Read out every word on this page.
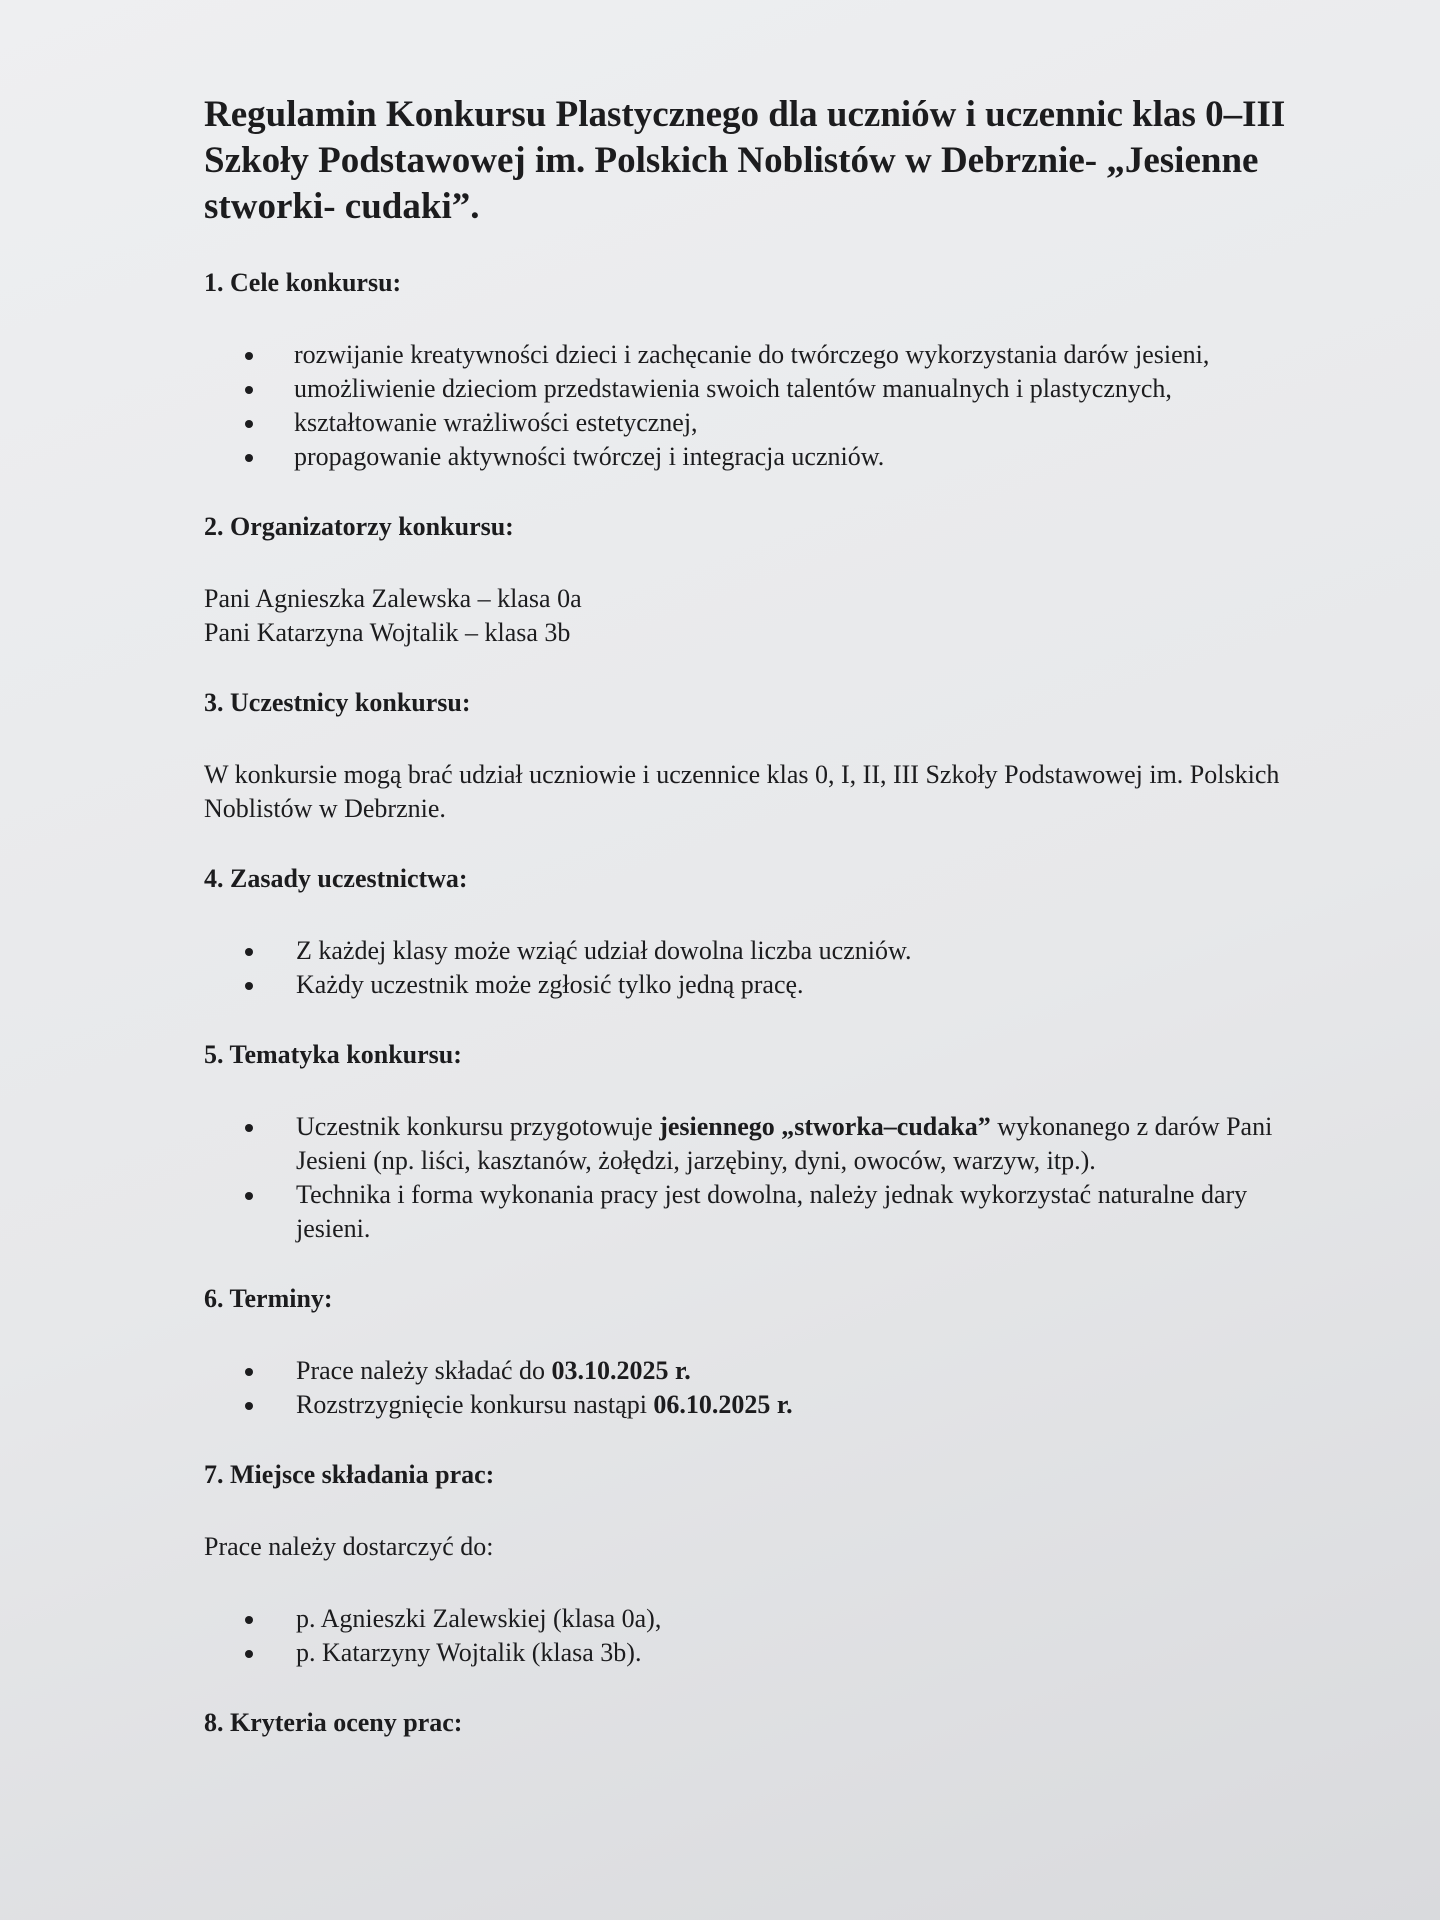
Regulamin Konkursu Plastycznego dla uczniów i uczennic klas 0–III Szkoły Podstawowej im. Polskich Noblistów w Debrznie- „Jesienne stworki- cudaki”.
1. Cele konkursu:
rozwijanie kreatywności dzieci i zachęcanie do twórczego wykorzystania darów jesieni,
umożliwienie dzieciom przedstawienia swoich talentów manualnych i plastycznych,
kształtowanie wrażliwości estetycznej,
propagowanie aktywności twórczej i integracja uczniów.
2. Organizatorzy konkursu:

Pani Agnieszka Zalewska – klasa 0a

Pani Katarzyna Wojtalik – klasa 3b

3. Uczestnicy konkursu:

W konkursie mogą brać udział uczniowie i uczennice klas 0, I, II, III Szkoły Podstawowej im. Polskich Noblistów w Debrznie.

4. Zasady uczestnictwa:
Z każdej klasy może wziąć udział dowolna liczba uczniów.
Każdy uczestnik może zgłosić tylko jedną pracę.
5. Tematyka konkursu:
Uczestnik konkursu przygotowuje jesiennego „stworka–cudaka” wykonanego z darów Pani Jesieni (np. liści, kasztanów, żołędzi, jarzębiny, dyni, owoców, warzyw, itp.).
Technika i forma wykonania pracy jest dowolna, należy jednak wykorzystać naturalne dary jesieni.
6. Terminy:
Prace należy składać do 03.10.2025 r.
Rozstrzygnięcie konkursu nastąpi 06.10.2025 r.
7. Miejsce składania prac:

Prace należy dostarczyć do:

p. Agnieszki Zalewskiej (klasa 0a),
p. Katarzyny Wojtalik (klasa 3b).
8. Kryteria oceny prac:
